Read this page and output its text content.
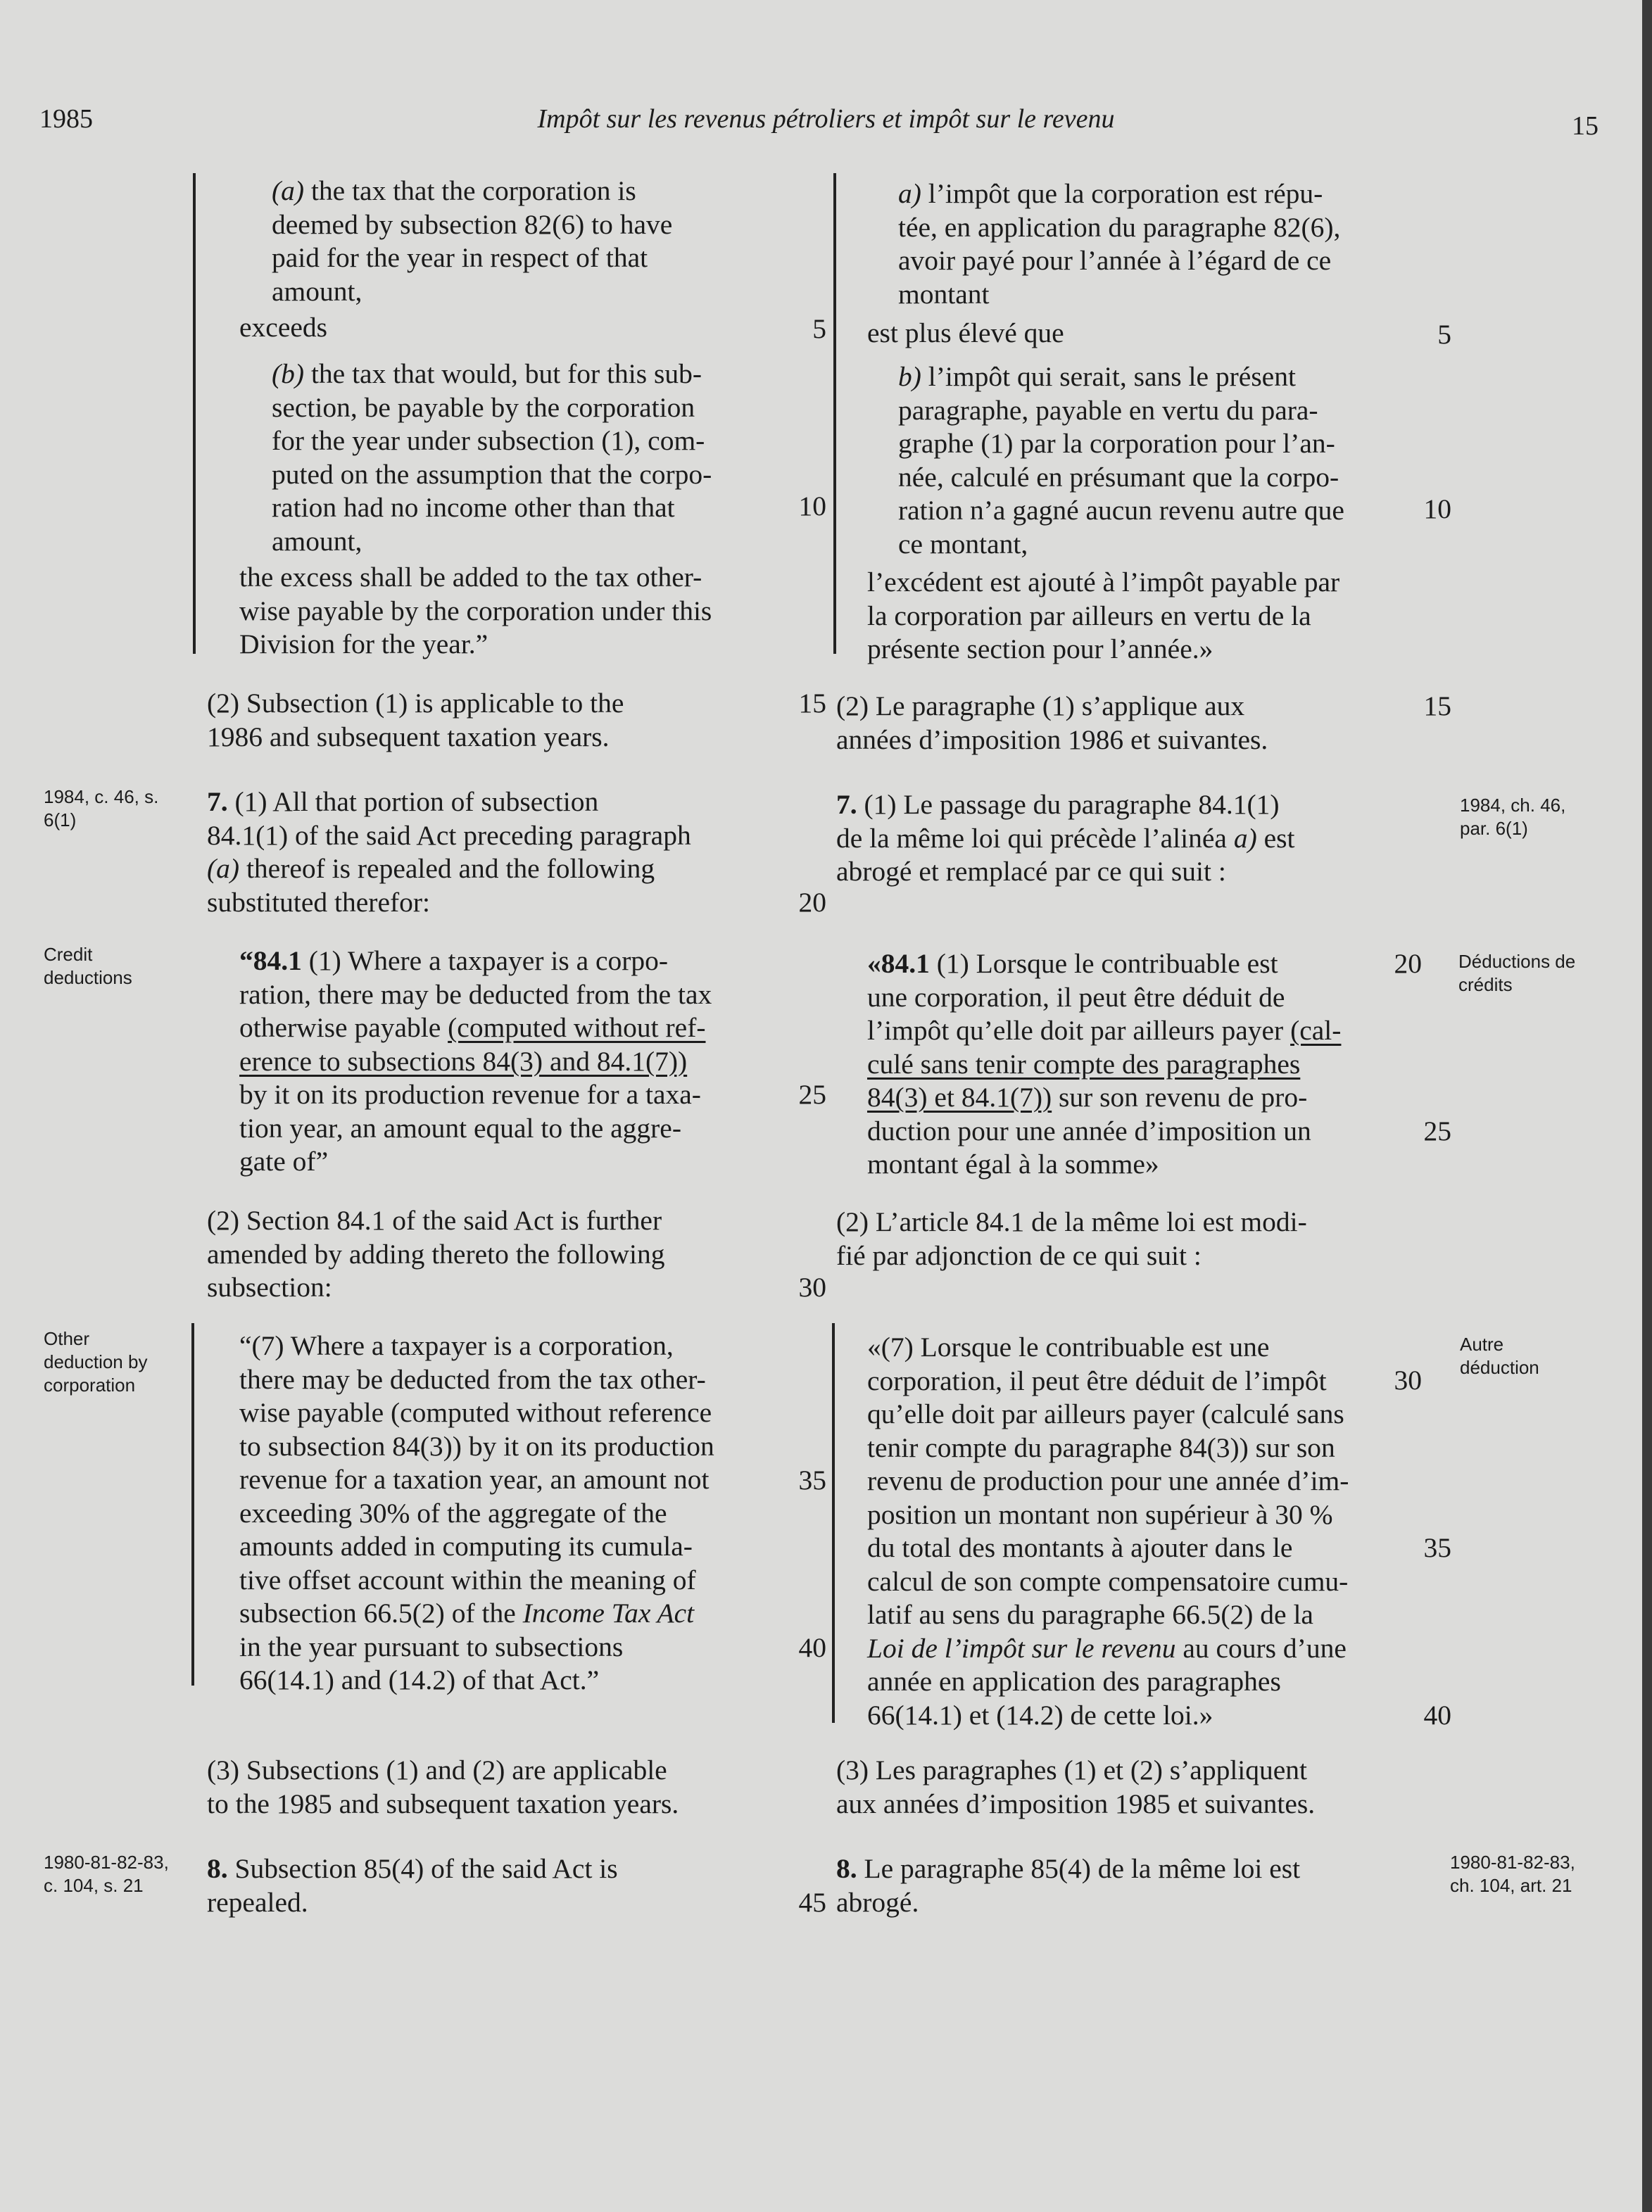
1985	Impôt sur les revenus pétroliers et impôt sur le revenu	15
(a) the tax that the corporation is
deemed by subsection 82(6) to have
paid for the year in respect of that
amount,
exceeds
(b) the tax that would, but for this sub-
section, be payable by the corporation
for the year under subsection (1), com-
puted on the assumption that the corpo-
ration had no income other than that
amount,
the excess shall be added to the tax other-
wise payable by the corporation under this
Division for the year.”
(2) Subsection (1) is applicable to the
1986 and subsequent taxation years.
7. (1) All that portion of subsection
84.1(1) of the said Act preceding paragraph
(a) thereof is repealed and the following
substituted therefor:
“84.1 (1) Where a taxpayer is a corpo-
ration, there may be deducted from the tax
otherwise payable (computed without ref-
erence to subsections 84(3) and 84.1(7))
by it on its production revenue for a taxa-
tion year, an amount equal to the aggre-
gate of”
(2) Section 84.1 of the said Act is further
amended by adding thereto the following
subsection:
“(7) Where a taxpayer is a corporation,
there may be deducted from the tax other-
wise payable (computed without reference
to subsection 84(3)) by it on its production
revenue for a taxation year, an amount not
exceeding 30% of the aggregate of the
amounts added in computing its cumula-
tive offset account within the meaning of
subsection 66.5(2) of the Income Tax Act
in the year pursuant to subsections
66(14.1) and (14.2) of that Act.”
(3) Subsections (1) and (2) are applicable
to the 1985 and subsequent taxation years.
8. Subsection 85(4) of the said Act is
repealed.
5
10
15
20
25
30
35
40
45
a) l’impôt que la corporation est répu-
tée, en application du paragraphe 82(6),
avoir payé pour l’année à l’égard de ce
montant
est plus élevé que
b) l’impôt qui serait, sans le présent
paragraphe, payable en vertu du para-
graphe (1) par la corporation pour l’an-
née, calculé en présumant que la corpo-
ration n’a gagné aucun revenu autre que
ce montant,
l’excédent est ajouté à l’impôt payable par
la corporation par ailleurs en vertu de la
présente section pour l’année.»
(2) Le paragraphe (1) s’applique aux
années d’imposition 1986 et suivantes.
7. (1) Le passage du paragraphe 84.1(1)
de la même loi qui précède l’alinéa a) est
abrogé et remplacé par ce qui suit :
«84.1 (1) Lorsque le contribuable est
une corporation, il peut être déduit de
l’impôt qu’elle doit par ailleurs payer (cal-
culé sans tenir compte des paragraphes
84(3) et 84.1(7)) sur son revenu de pro-
duction pour une année d’imposition un
montant égal à la somme»
(2) L’article 84.1 de la même loi est modi-
fié par adjonction de ce qui suit :
«(7) Lorsque le contribuable est une
corporation, il peut être déduit de l’impôt
qu’elle doit par ailleurs payer (calculé sans
tenir compte du paragraphe 84(3)) sur son
revenu de production pour une année d’im-
position un montant non supérieur à 30 %
du total des montants à ajouter dans le
calcul de son compte compensatoire cumu-
latif au sens du paragraphe 66.5(2) de la
Loi de l’impôt sur le revenu au cours d’une
année en application des paragraphes
66(14.1) et (14.2) de cette loi.»
(3) Les paragraphes (1) et (2) s’appliquent
aux années d’imposition 1985 et suivantes.
8. Le paragraphe 85(4) de la même loi est
abrogé.
5
10
15
20
25
30
35
40
1984, c. 46, s.
6(1)
Credit
deductions
Other
deduction by
corporation
1980-81-82-83,
c. 104, s. 21
1984, ch. 46,
par. 6(1)
Déductions de
crédits
Autre
déduction
1980-81-82-83,
ch. 104, art. 21
